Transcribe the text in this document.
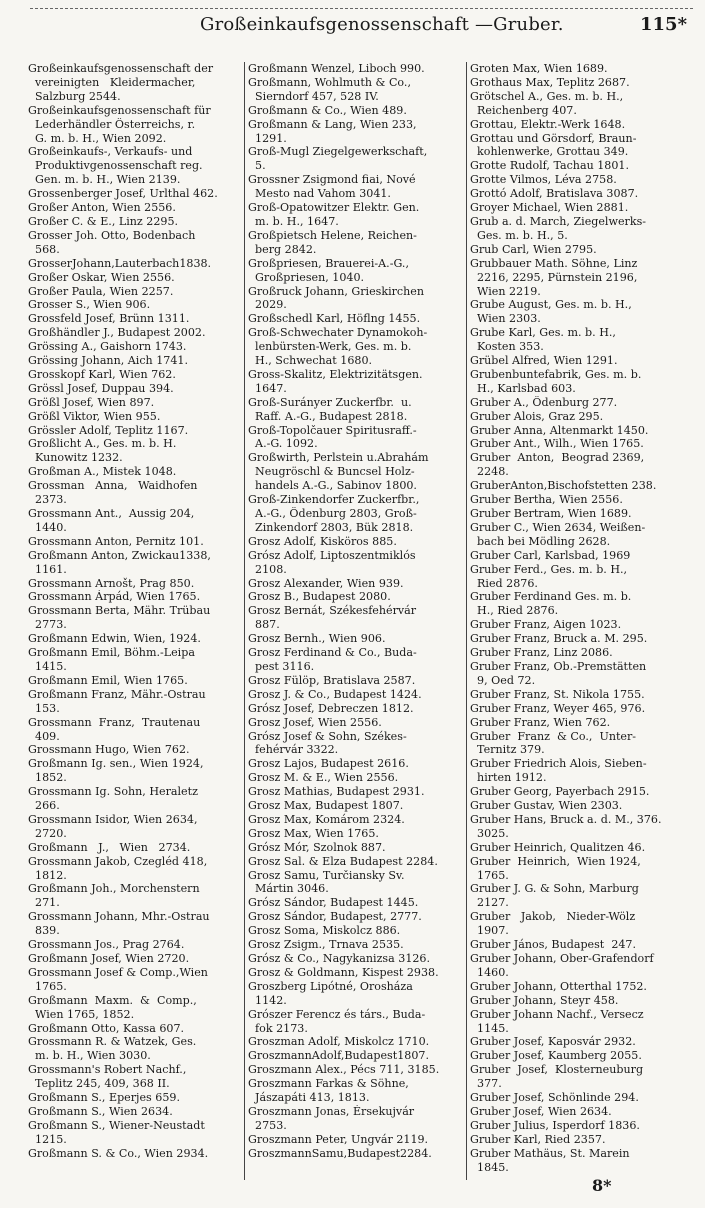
Großeinkaufsgenossenschaft —Gruber.	115*
Großeinkaufsgenossenschaft der
vereinigten   Kleidermacher,
Salzburg 2544.
Großeinkaufsgenossenschaft für
Lederhändler Österreichs, r.
G. m. b. H., Wien 2092.
Großeinkaufs-, Verkaufs- und
Produktivgenossenschaft reg.
Gen. m. b. H., Wien 2139.
Grossenberger Josef, Urlthal 462.
Großer Anton, Wien 2556.
Großer C. & E., Linz 2295.
Grosser Joh. Otto, Bodenbach
568.
GrosserJohann,Lauterbach1838.
Großer Oskar, Wien 2556.
Großer Paula, Wien 2257.
Grosser S., Wien 906.
Grossfeld Josef, Brünn 1311.
Großhändler J., Budapest 2002.
Grössing A., Gaishorn 1743.
Grössing Johann, Aich 1741.
Grosskopf Karl, Wien 762.
Grössl Josef, Duppau 394.
Größl Josef, Wien 897.
Größl Viktor, Wien 955.
Grössler Adolf, Teplitz 1167.
Großlicht A., Ges. m. b. H.
Kunowitz 1232.
Großman A., Mistek 1048.
Grossman   Anna,   Waidhofen
2373.
Grossmann Ant.,  Aussig 204,
1440.
Grossmann Anton, Pernitz 101.
Großmann Anton, Zwickau1338,
1161.
Grossmann Arnošt, Prag 850.
Grossmann Árpád, Wien 1765.
Grossmann Berta, Mähr. Trübau
2773.
Großmann Edwin, Wien, 1924.
Großmann Emil, Böhm.-Leipa
1415.
Großmann Emil, Wien 1765.
Großmann Franz, Mähr.-Ostrau
153.
Grossmann  Franz,  Trautenau
409.
Grossmann Hugo, Wien 762.
Großmann Ig. sen., Wien 1924,
1852.
Grossmann Ig. Sohn, Heraletz
266.
Grossmann Isidor, Wien 2634,
2720.
Großmann   J.,   Wien   2734.
Grossmann Jakob, Czegléd 418,
1812.
Großmann Joh., Morchenstern
271.
Grossmann Johann, Mhr.-Ostrau
839.
Grossmann Jos., Prag 2764.
Großmann Josef, Wien 2720.
Grossmann Josef & Comp.,Wien
1765.
Großmann  Maxm.  &  Comp.,
Wien 1765, 1852.
Großmann Otto, Kassa 607.
Grossmann R. & Watzek, Ges.
m. b. H., Wien 3030.
Grossmann's Robert Nachf.,
Teplitz 245, 409, 368 II.
Großmann S., Eperjes 659.
Großmann S., Wien 2634.
Großmann S., Wiener-Neustadt
1215.
Großmann S. & Co., Wien 2934.
Großmann Wenzel, Liboch 990.
Großmann, Wohlmuth & Co.,
Sierndorf 457, 528 IV.
Großmann & Co., Wien 489.
Großmann & Lang, Wien 233,
1291.
Groß-Mugl Ziegelgewerkschaft,
5.
Grossner Zsigmond fiai, Nové
Mesto nad Vahom 3041.
Groß-Opatowitzer Elektr. Gen.
m. b. H., 1647.
Großpietsch Helene, Reichen-
berg 2842.
Großpriesen, Brauerei-A.-G.,
Großpriesen, 1040.
Großruck Johann, Grieskirchen
2029.
Großschedl Karl, Höflng 1455.
Groß-Schwechater Dynamokoh-
lenbürsten-Werk, Ges. m. b.
H., Schwechat 1680.
Gross-Skalitz, Elektrizitätsgen.
1647.
Groß-Surányer Zuckerfbr.  u.
Raff. A.-G., Budapest 2818.
Groß-Topolčauer Spiritusraff.-
A.-G. 1092.
Großwirth, Perlstein u.Abrahám
Neugröschl & Buncsel Holz-
handels A.-G., Sabinov 1800.
Groß-Zinkendorfer Zuckerfbr.,
A.-G., Ödenburg 2803, Groß-
Zinkendorf 2803, Bük 2818.
Grosz Adolf, Kisköros 885.
Grósz Adolf, Liptoszentmiklós
2108.
Grosz Alexander, Wien 939.
Grosz B., Budapest 2080.
Grosz Bernát, Székesfehérvár
887.
Grosz Bernh., Wien 906.
Grosz Ferdinand & Co., Buda-
pest 3116.
Grosz Fülöp, Bratislava 2587.
Grosz J. & Co., Budapest 1424.
Grósz Josef, Debreczen 1812.
Grosz Josef, Wien 2556.
Grósz Josef & Sohn, Székes-
fehérvár 3322.
Grosz Lajos, Budapest 2616.
Grosz M. & E., Wien 2556.
Grosz Mathias, Budapest 2931.
Grosz Max, Budapest 1807.
Grosz Max, Komárom 2324.
Grosz Max, Wien 1765.
Grósz Mór, Szolnok 887.
Grosz Sal. & Elza Budapest 2284.
Grosz Samu, Turčiansky Sv.
Mártin 3046.
Grósz Sándor, Budapest 1445.
Grosz Sándor, Budapest, 2777.
Grosz Soma, Miskolcz 886.
Grosz Zsigm., Trnava 2535.
Grósz & Co., Nagykanizsa 3126.
Grosz & Goldmann, Kispest 2938.
Groszberg Lipótné, Orosháza
1142.
Grószer Ferencz és társ., Buda-
fok 2173.
Groszman Adolf, Miskolcz 1710.
GroszmannAdolf,Budapest1807.
Groszmann Alex., Pécs 711, 3185.
Groszmann Farkas & Söhne,
Jászapáti 413, 1813.
Groszmann Jonas, Érsekujvár
2753.
Groszmann Peter, Ungvár 2119.
GroszmannSamu,Budapest2284.
Groten Max, Wien 1689.
Grothaus Max, Teplitz 2687.
Grötschel A., Ges. m. b. H.,
Reichenberg 407.
Grottau, Elektr.-Werk 1648.
Grottau und Görsdorf, Braun-
kohlenwerke, Grottau 349.
Grotte Rudolf, Tachau 1801.
Grotte Vilmos, Léva 2758.
Grottó Adolf, Bratislava 3087.
Groyer Michael, Wien 2881.
Grub a. d. March, Ziegelwerks-
Ges. m. b. H., 5.
Grub Carl, Wien 2795.
Grubbauer Math. Söhne, Linz
2216, 2295, Pürnstein 2196,
Wien 2219.
Grube August, Ges. m. b. H.,
Wien 2303.
Grube Karl, Ges. m. b. H.,
Kosten 353.
Grübel Alfred, Wien 1291.
Grubenbuntefabrik, Ges. m. b.
H., Karlsbad 603.
Gruber A., Ödenburg 277.
Gruber Alois, Graz 295.
Gruber Anna, Altenmarkt 1450.
Gruber Ant., Wilh., Wien 1765.
Gruber  Anton,  Beograd 2369,
2248.
GruberAnton,Bischofstetten 238.
Gruber Bertha, Wien 2556.
Gruber Bertram, Wien 1689.
Gruber C., Wien 2634, Weißen-
bach bei Mödling 2628.
Gruber Carl, Karlsbad, 1969
Gruber Ferd., Ges. m. b. H.,
Ried 2876.
Gruber Ferdinand Ges. m. b.
H., Ried 2876.
Gruber Franz, Aigen 1023.
Gruber Franz, Bruck a. M. 295.
Gruber Franz, Linz 2086.
Gruber Franz, Ob.-Premstätten
9, Oed 72.
Gruber Franz, St. Nikola 1755.
Gruber Franz, Weyer 465, 976.
Gruber Franz, Wien 762.
Gruber  Franz  & Co.,  Unter-
Ternitz 379.
Gruber Friedrich Alois, Sieben-
hirten 1912.
Gruber Georg, Payerbach 2915.
Gruber Gustav, Wien 2303.
Gruber Hans, Bruck a. d. M., 376.
3025.
Gruber Heinrich, Qualitzen 46.
Gruber  Heinrich,  Wien 1924,
1765.
Gruber J. G. & Sohn, Marburg
2127.
Gruber   Jakob,   Nieder-Wölz
1907.
Gruber János, Budapest  247.
Gruber Johann, Ober-Grafendorf
1460.
Gruber Johann, Otterthal 1752.
Gruber Johann, Steyr 458.
Gruber Johann Nachf., Versecz
1145.
Gruber Josef, Kaposvár 2932.
Gruber Josef, Kaumberg 2055.
Gruber  Josef,  Klosterneuburg
377.
Gruber Josef, Schönlinde 294.
Gruber Josef, Wien 2634.
Gruber Julius, Isperdorf 1836.
Gruber Karl, Ried 2357.
Gruber Mathäus, St. Marein
1845.
8*
